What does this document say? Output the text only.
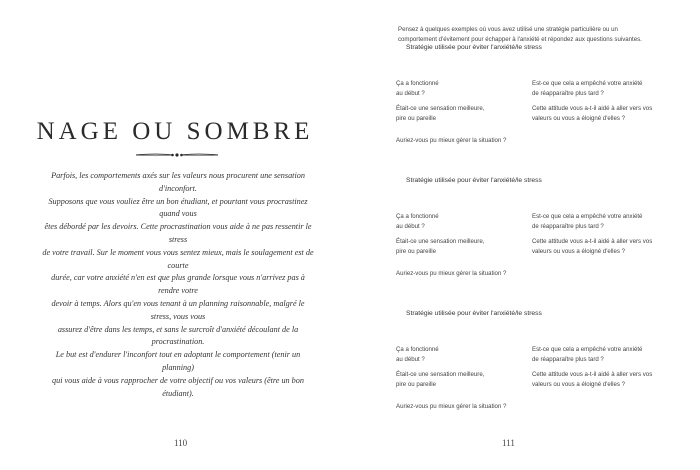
NAGE OU SOMBRE
Parfois, les comportements axés sur les valeurs nous procurent une sensation d'inconfort.
Supposons que vous vouliez être un bon étudiant, et pourtant vous procrastinez quand vous
êtes débordé par les devoirs. Cette procrastination vous aide à ne pas ressentir le stress
de votre travail. Sur le moment vous vous sentez mieux, mais le soulagement est de courte
durée, car votre anxiété n'en est que plus grande lorsque vous n'arrivez pas à rendre votre
devoir à temps. Alors qu'en vous tenant à un planning raisonnable, malgré le stress, vous vous
assurez d'être dans les temps, et sans le surcroît d'anxiété découlant de la procrastination.
Le but est d'endurer l'inconfort tout en adoptant le comportement (tenir un planning)
qui vous aide à vous rapprocher de votre objectif ou vos valeurs (être un bon étudiant).
110
Pensez à quelques exemples où vous avez utilisé une stratégie particulière ou un
comportement d'évitement pour échapper à l'anxiété et répondez aux questions suivantes.
Stratégie utilisée pour éviter l'anxiété/le stress
Ça a fonctionné
au début ?
Est-ce que cela a empêché votre anxiété
de réapparaître plus tard ?
Était-ce une sensation meilleure,
pire ou pareille
Cette attitude vous a-t-il aidé à aller vers vos
valeurs ou vous a éloigné d'elles ?
Auriez-vous pu mieux gérer la situation ?
Stratégie utilisée pour éviter l'anxiété/le stress
Ça a fonctionné
au début ?
Est-ce que cela a empêché votre anxiété
de réapparaître plus tard ?
Était-ce une sensation meilleure,
pire ou pareille
Cette attitude vous a-t-il aidé à aller vers vos
valeurs ou vous a éloigné d'elles ?
Auriez-vous pu mieux gérer la situation ?
Stratégie utilisée pour éviter l'anxiété/le stress
Ça a fonctionné
au début ?
Est-ce que cela a empêché votre anxiété
de réapparaître plus tard ?
Était-ce une sensation meilleure,
pire ou pareille
Cette attitude vous a-t-il aidé à aller vers vos
valeurs ou vous a éloigné d'elles ?
Auriez-vous pu mieux gérer la situation ?
111
